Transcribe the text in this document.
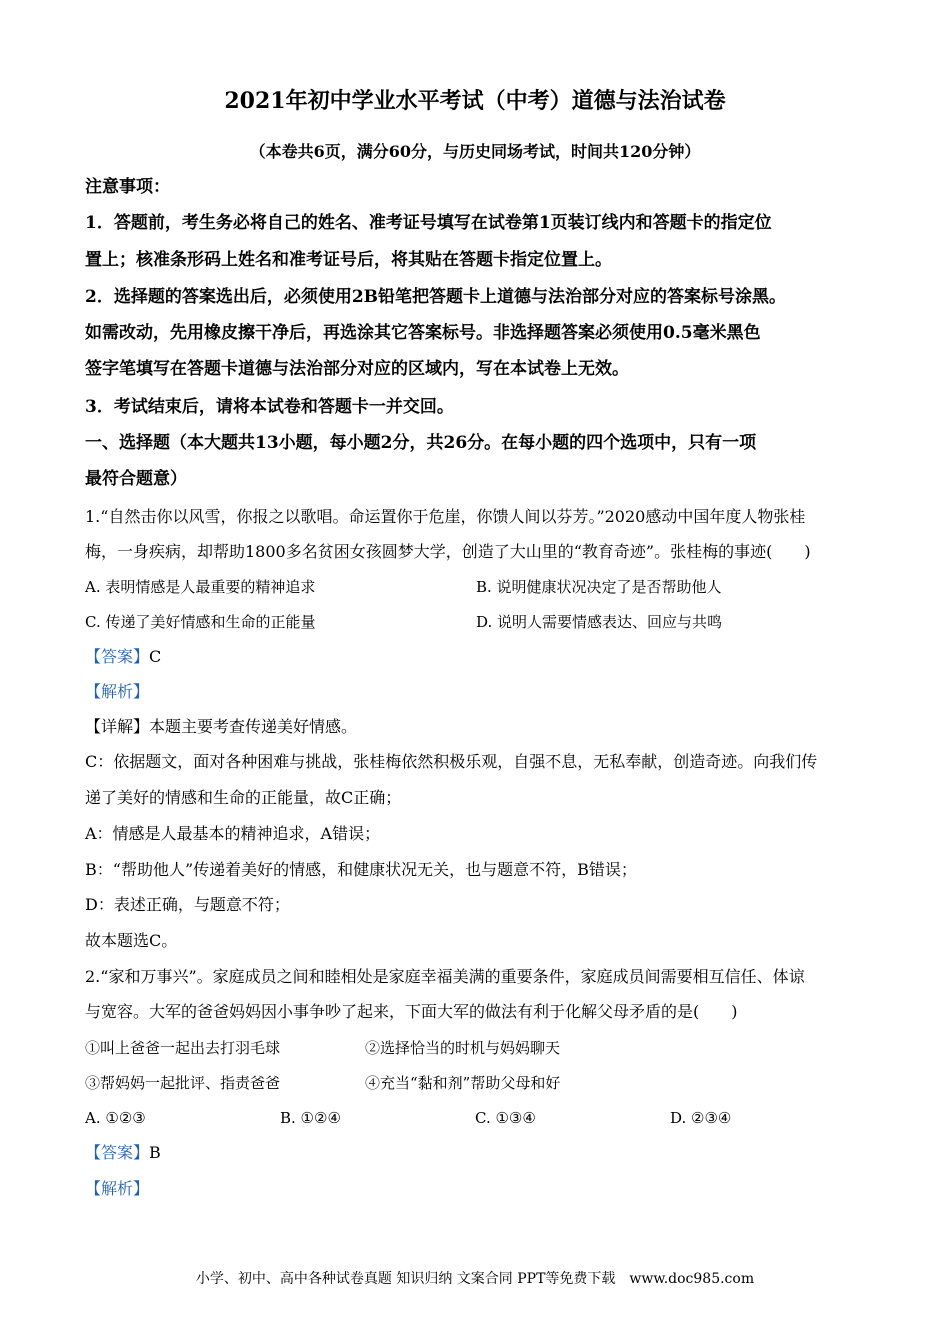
2021年初中学业水平考试（中考）道德与法治试卷
（本卷共6页，满分60分，与历史同场考试，时间共120分钟）
注意事项：
1．答题前，考生务必将自己的姓名、准考证号填写在试卷第1页装订线内和答题卡的指定位
置上；核准条形码上姓名和准考证号后，将其贴在答题卡指定位置上。
2．选择题的答案选出后，必须使用2B铅笔把答题卡上道德与法治部分对应的答案标号涂黑。
如需改动，先用橡皮擦干净后，再选涂其它答案标号。非选择题答案必须使用0.5毫米黑色
签字笔填写在答题卡道德与法治部分对应的区域内，写在本试卷上无效。
3．考试结束后，请将本试卷和答题卡一并交回。
一、选择题（本大题共13小题，每小题2分，共26分。在每小题的四个选项中，只有一项
最符合题意）
1.“自然击你以风雪，你报之以歌唱。命运置你于危崖，你馈人间以芬芳。”2020感动中国年度人物张桂
梅，一身疾病，却帮助1800多名贫困女孩圆梦大学，创造了大山里的“教育奇迹”。张桂梅的事迹(　　)
A. 表明情感是人最重要的精神追求	B. 说明健康状况决定了是否帮助他人
C. 传递了美好情感和生命的正能量	D. 说明人需要情感表达、回应与共鸣
【答案】C
【解析】
【详解】本题主要考查传递美好情感。
C：依据题文，面对各种困难与挑战，张桂梅依然积极乐观，自强不息，无私奉献，创造奇迹。向我们传
递了美好的情感和生命的正能量，故C正确；
A：情感是人最基本的精神追求，A错误；
B：“帮助他人”传递着美好的情感，和健康状况无关，也与题意不符，B错误；
D：表述正确，与题意不符；
故本题选C。
2.“家和万事兴”。家庭成员之间和睦相处是家庭幸福美满的重要条件，家庭成员间需要相互信任、体谅
与宽容。大军的爸爸妈妈因小事争吵了起来，下面大军的做法有利于化解父母矛盾的是(　　)
①叫上爸爸一起出去打羽毛球	②选择恰当的时机与妈妈聊天
③帮妈妈一起批评、指责爸爸	④充当“黏和剂”帮助父母和好
A. ①②③	B. ①②④	C. ①③④	D. ②③④
【答案】B
【解析】
小学、初中、高中各种试卷真题 知识归纳 文案合同 PPT等免费下载　www.doc985.com
